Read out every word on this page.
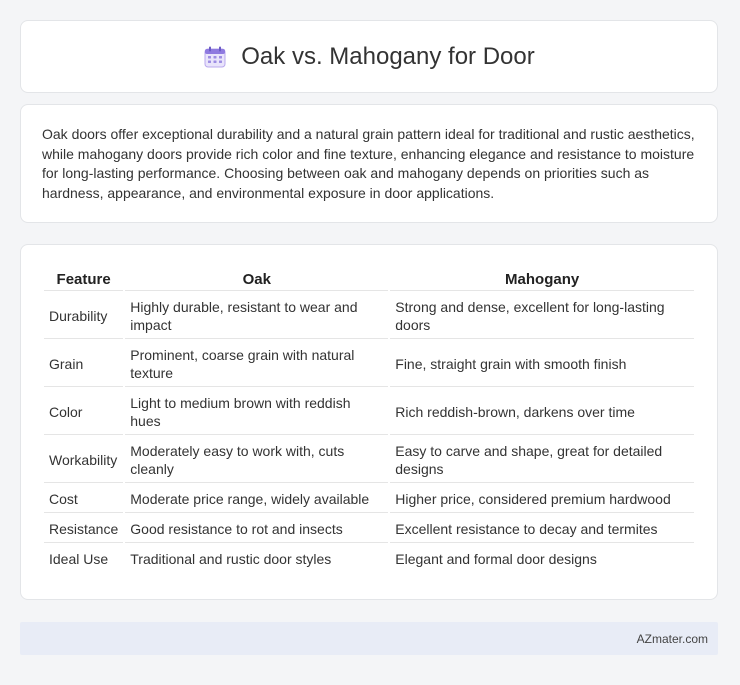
Oak vs. Mahogany for Door

Oak doors offer exceptional durability and a natural grain pattern ideal for traditional and rustic aesthetics, while mahogany doors provide rich color and fine texture, enhancing elegance and resistance to moisture for long-lasting performance. Choosing between oak and mahogany depends on priorities such as hardness, appearance, and environmental exposure in door applications.

Feature	Oak	Mahogany
Durability	Highly durable, resistant to wear and impact	Strong and dense, excellent for long-lasting doors
Grain	Prominent, coarse grain with natural texture	Fine, straight grain with smooth finish
Color	Light to medium brown with reddish hues	Rich reddish-brown, darkens over time
Workability	Moderately easy to work with, cuts cleanly	Easy to carve and shape, great for detailed designs
Cost	Moderate price range, widely available	Higher price, considered premium hardwood
Resistance	Good resistance to rot and insects	Excellent resistance to decay and termites
Ideal Use	Traditional and rustic door styles	Elegant and formal door designs
AZmater.com
